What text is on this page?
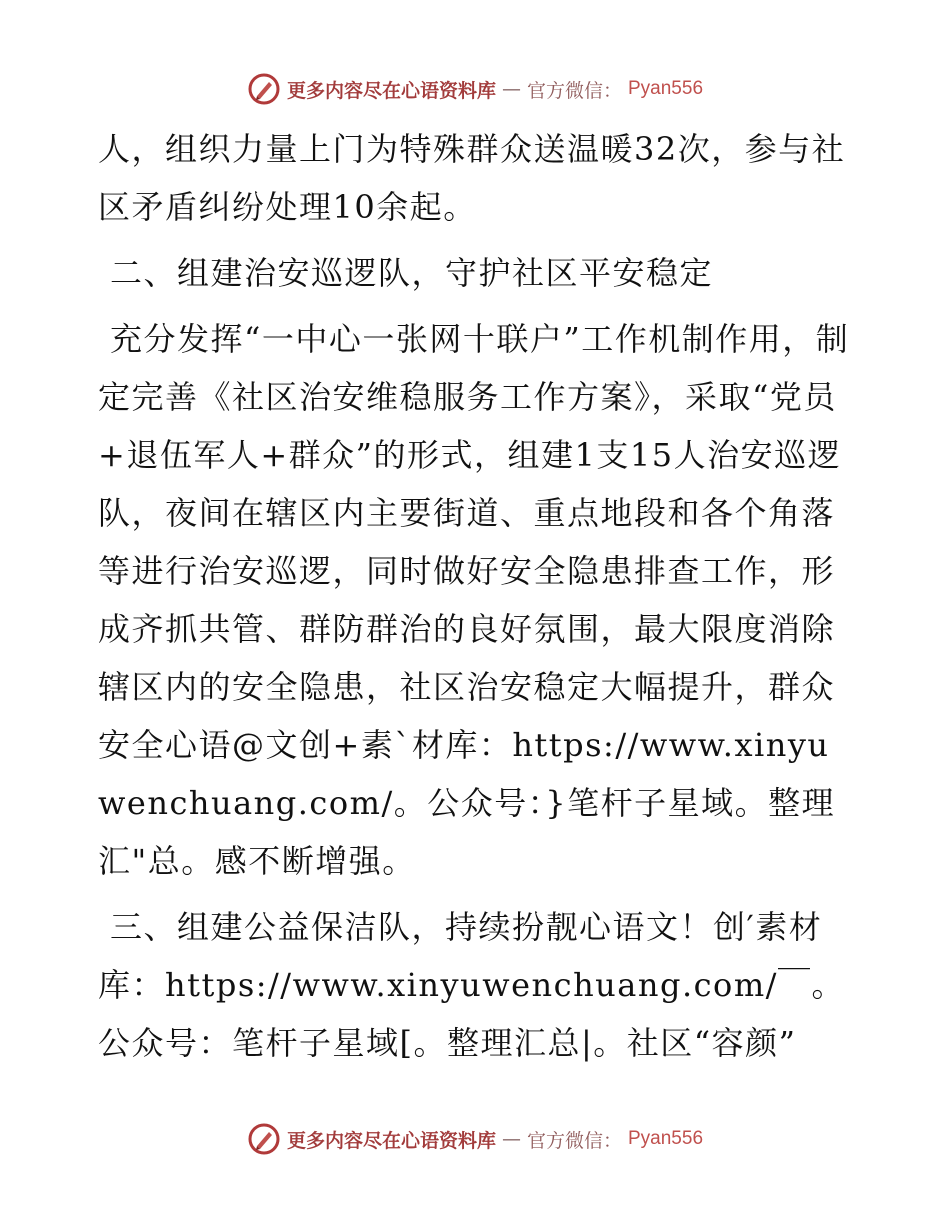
更多内容尽在心语资料库 — 官方微信： Pyan556

人，组织力量上门为特殊群众送温暖32次，参与社区矛盾纠纷处理10余起。

二、组建治安巡逻队，守护社区平安稳定

充分发挥“一中心一张网十联户”工作机制作用，制定完善《社区治安维稳服务工作方案》，采取“党员+退伍军人+群众”的形式，组建1支15人治安巡逻队，夜间在辖区内主要街道、重点地段和各个角落等进行治安巡逻，同时做好安全隐患排查工作，形成齐抓共管、群防群治的良好氛围，最大限度消除辖区内的安全隐患，社区治安稳定大幅提升，群众安全心语@文创+素`材库：https://www.xinyuwenchuang.com/。公众号：}笔杆子星域。整理汇"总。感不断增强。

三、组建公益保洁队，持续扮靓心语文！创′素材库：https://www.xinyuwenchuang.com/￣。公众号：笔杆子星域[。整理汇总|。社区“容颜”

更多内容尽在心语资料库 — 官方微信： Pyan556
